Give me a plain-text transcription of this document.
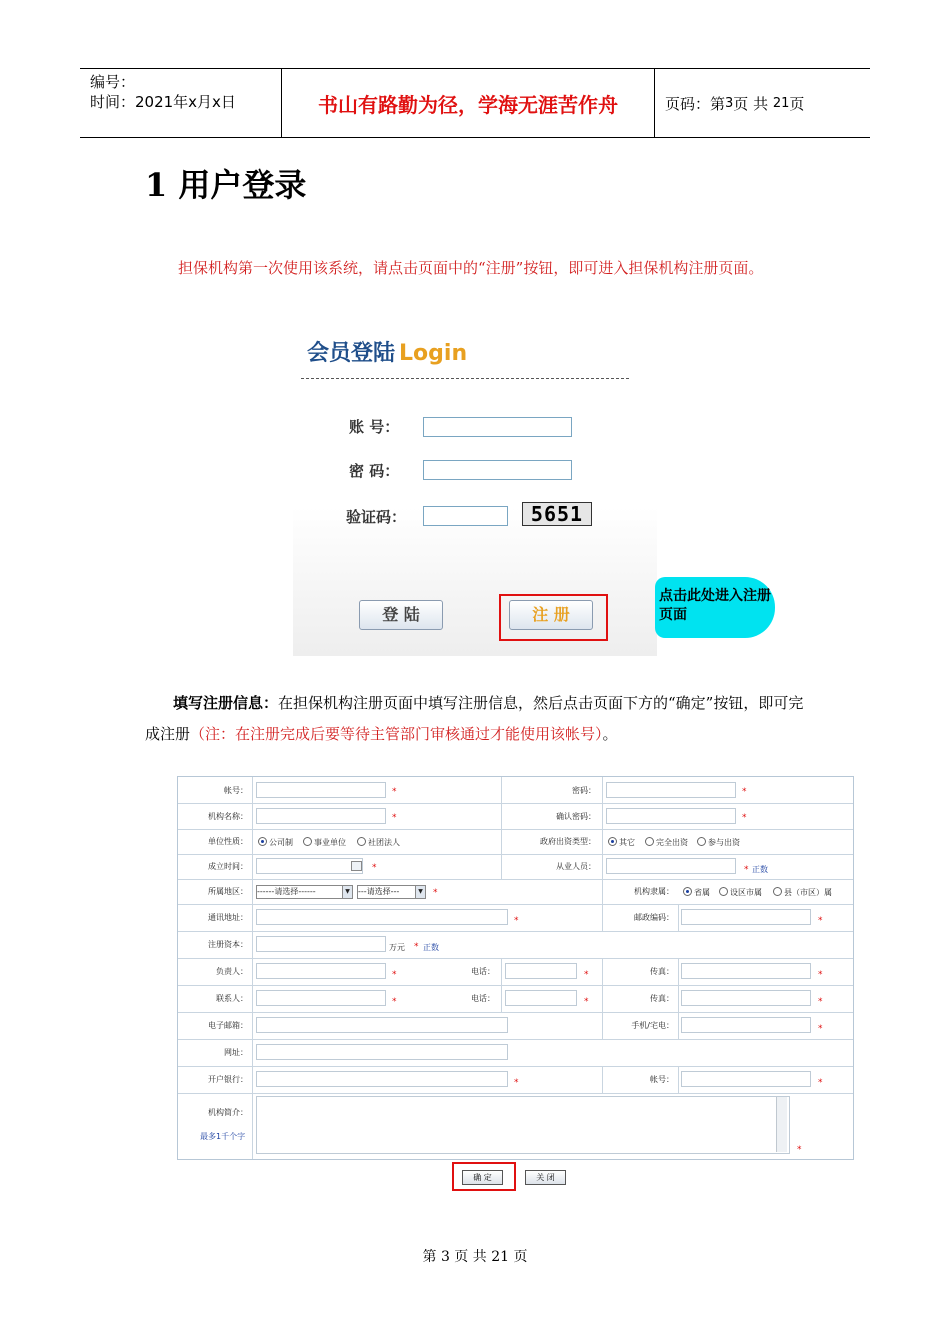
编号：
时间：2021年x月x日	书山有路勤为径，学海无涯苦作舟	页码：第 3 页 共
21 页
1 用户登录
担保机构第一次使用该系统，请点击页面中的“注册”按钮，即可进入担保机构注册页面。
会员登陆 Login
账 号：
密 码：
验证码：	5651
登 陆	注 册
点击此处进入注册页面
填写注册信息：在担保机构注册页面中填写注册信息，然后点击页面下方的“确定”按钮，即可完成注册（注：在注册完成后要等待主管部门审核通过才能使用该帐号）。
帐号：	*	密码：	*
机构名称：	*	确认密码：	*
单位性质：	公司制	事业单位	社团法人	政府出资类型：	其它	完全出资	参与出资
成立时间：	*	从业人员：	* 正数
所属地区： ------请选择------	▼ ---请选择---	▼ *	机构隶属：	省属	设区市属	县（市区）属
通讯地址：	*	邮政编码：	*
注册资本：	万元 * 正数
负责人：	*	电话：	*	传真：	*
联系人：	*	电话：	*	传真：	*
电子邮箱：	手机/宅电：	*
网址：
开户银行：	*	帐号：	*
机构简介：
最多1千个字
*
确 定	关 闭
第 3 页 共 21 页
